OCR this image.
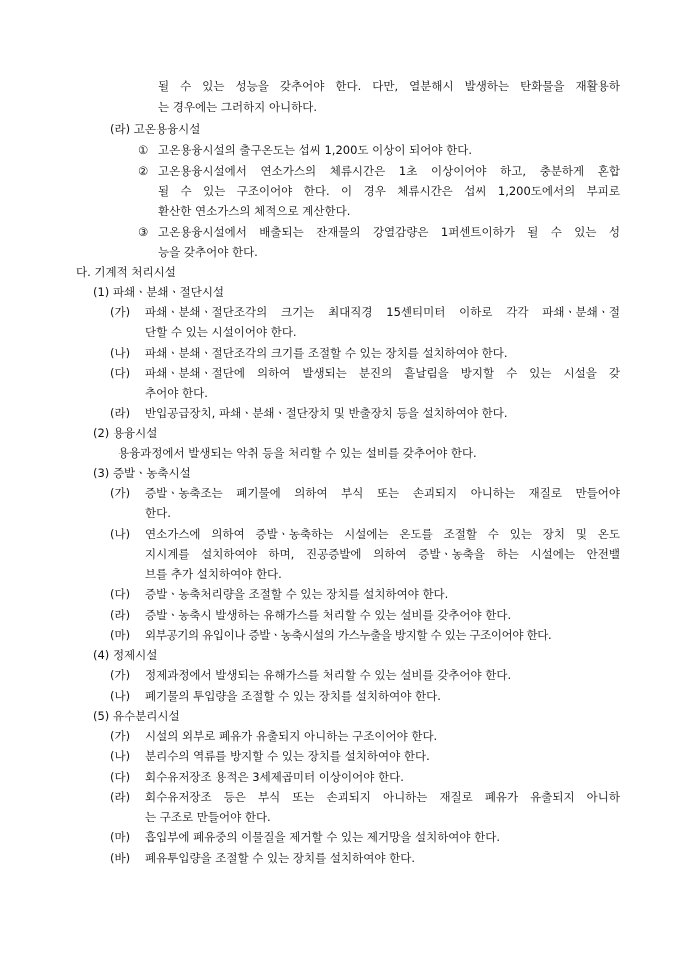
될 수 있는 성능을 갖추어야 한다. 다만, 열분해시 발생하는 탄화물을 재활용하
는 경우에는 그러하지 아니하다.
(라) 고온용융시설
① 고온용융시설의 출구온도는 섭씨 1,200도 이상이 되어야 한다.
② 고온용융시설에서 연소가스의 체류시간은 1초 이상이어야 하고, 충분하게 혼합
될 수 있는 구조이어야 한다. 이 경우 체류시간은 섭씨 1,200도에서의 부피로
환산한 연소가스의 체적으로 계산한다.
③ 고온용융시설에서 배출되는 잔재물의 강열감량은 1퍼센트이하가 될 수 있는 성
능을 갖추어야 한다.
다. 기계적 처리시설
(1) 파쇄ㆍ분쇄ㆍ절단시설
(가) 파쇄ㆍ분쇄ㆍ절단조각의 크기는 최대직경 15센티미터 이하로 각각 파쇄ㆍ분쇄ㆍ절
단할 수 있는 시설이어야 한다.
(나) 파쇄ㆍ분쇄ㆍ절단조각의 크기를 조절할 수 있는 장치를 설치하여야 한다.
(다) 파쇄ㆍ분쇄ㆍ절단에 의하여 발생되는 분진의 흩날림을 방지할 수 있는 시설을 갖
추어야 한다.
(라) 반입공급장치, 파쇄ㆍ분쇄ㆍ절단장치 및 반출장치 등을 설치하여야 한다.
(2) 용융시설
용융과정에서 발생되는 악취 등을 처리할 수 있는 설비를 갖추어야 한다.
(3) 증발ㆍ농축시설
(가) 증발ㆍ농축조는 폐기물에 의하여 부식 또는 손괴되지 아니하는 재질로 만들어야
한다.
(나) 연소가스에 의하여 증발ㆍ농축하는 시설에는 온도를 조절할 수 있는 장치 및 온도
지시계를 설치하여야 하며, 진공증발에 의하여 증발ㆍ농축을 하는 시설에는 안전밸
브를 추가 설치하여야 한다.
(다) 증발ㆍ농축처리량을 조절할 수 있는 장치를 설치하여야 한다.
(라) 증발ㆍ농축시 발생하는 유해가스를 처리할 수 있는 설비를 갖추어야 한다.
(마) 외부공기의 유입이나 증발ㆍ농축시설의 가스누출을 방지할 수 있는 구조이어야 한다.
(4) 정제시설
(가) 정제과정에서 발생되는 유해가스를 처리할 수 있는 설비를 갖추어야 한다.
(나) 폐기물의 투입량을 조절할 수 있는 장치를 설치하여야 한다.
(5) 유수분리시설
(가) 시설의 외부로 폐유가 유출되지 아니하는 구조이어야 한다.
(나) 분리수의 역류를 방지할 수 있는 장치를 설치하여야 한다.
(다) 회수유저장조 용적은 3세제곱미터 이상이어야 한다.
(라) 회수유저장조 등은 부식 또는 손괴되지 아니하는 재질로 폐유가 유출되지 아니하
는 구조로 만들어야 한다.
(마) 흡입부에 폐유중의 이물질을 제거할 수 있는 제거망을 설치하여야 한다.
(바) 폐유투입량을 조절할 수 있는 장치를 설치하여야 한다.
